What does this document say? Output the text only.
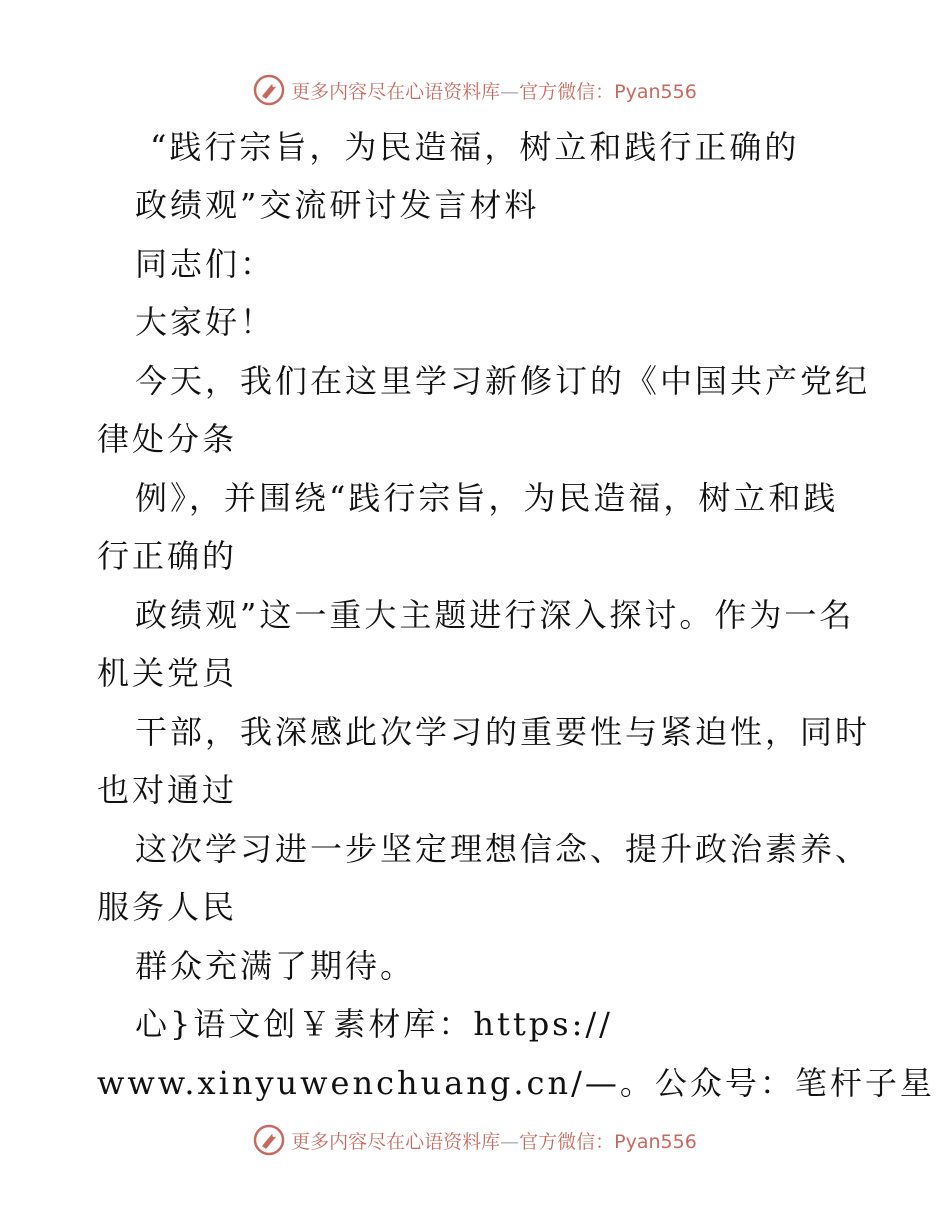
更多内容尽在心语资料库—官方微信：Pyan556
“践行宗旨，为民造福，树立和践行正确的
政绩观”交流研讨发言材料
同志们：
大家好！
今天，我们在这里学习新修订的《中国共产党纪
律处分条
例》，并围绕“践行宗旨，为民造福，树立和践
行正确的
政绩观”这一重大主题进行深入探讨。作为一名
机关党员
干部，我深感此次学习的重要性与紧迫性，同时
也对通过
这次学习进一步坚定理想信念、提升政治素养、
服务人民
群众充满了期待。
心}语文创￥素材库：https://
www.xinyuwenchuang.cn/—。公众号：笔杆子星
更多内容尽在心语资料库—官方微信：Pyan556
